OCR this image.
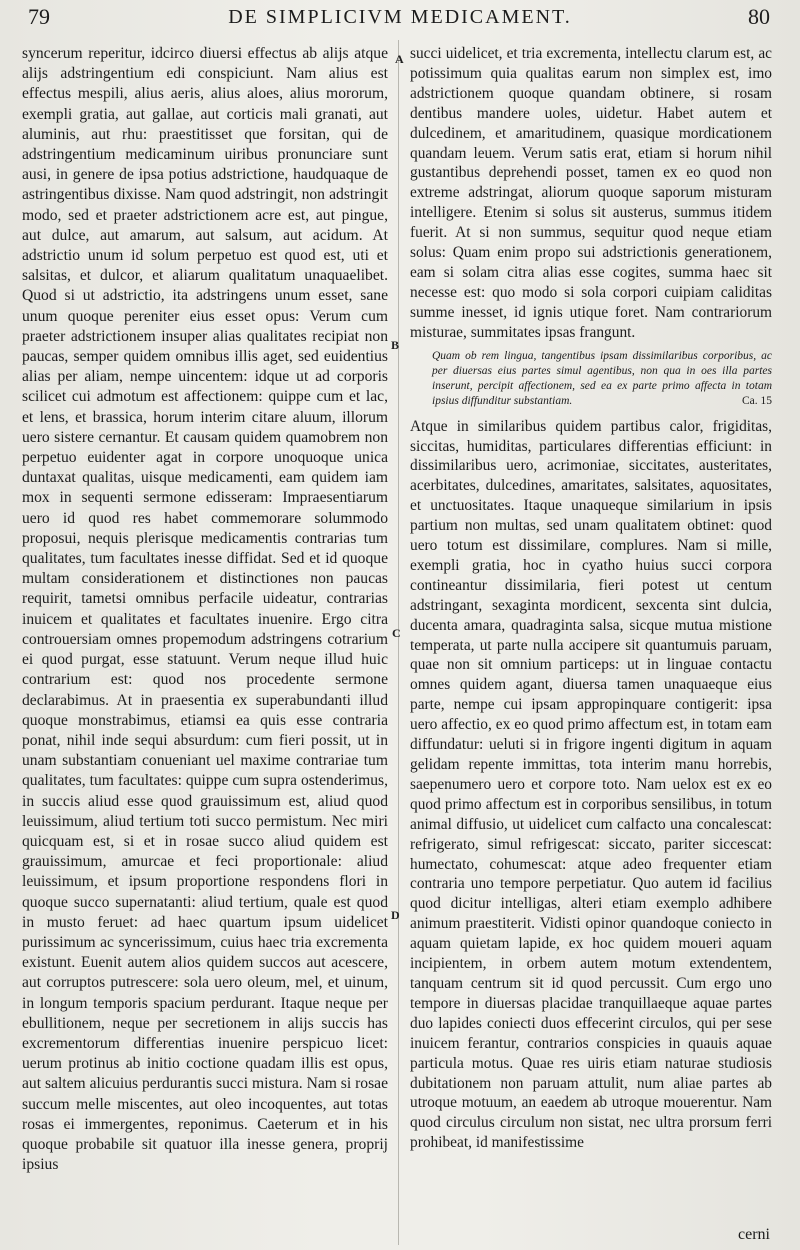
79	DE SIMPLICIVM MEDICAMENT.	80
A
B
C
D

syncerum reperitur, idcirco diuersi effectus ab alijs atque alijs adstringentium edi conspiciunt. Nam alius est effectus mespili, alius aeris, alius aloes, alius mororum, exempli gratia, aut gallae, aut corticis mali granati, aut aluminis, aut rhu: praestitisset que forsitan, qui de adstringentium medicaminum uiribus pronunciare sunt ausi, in genere de ipsa potius adstrictione, haudquaque de astringentibus dixisse. Nam quod adstringit, non adstringit modo, sed et praeter adstrictionem acre est, aut pingue, aut dulce, aut amarum, aut salsum, aut acidum. At adstrictio unum id solum perpetuo est quod est, uti et salsitas, et dulcor, et aliarum qualitatum unaquaelibet. Quod si ut adstrictio, ita adstringens unum esset, sane unum quoque pereniter eius esset opus: Verum cum praeter adstrictionem insuper alias qualitates recipiat non paucas, semper quidem omnibus illis aget, sed euidentius alias per aliam, nempe uincentem: idque ut ad corporis scilicet cui admotum est affectionem: quippe cum et lac, et lens, et brassica, horum interim citare aluum, illorum uero sistere cernantur. Et causam quidem quamobrem non perpetuo euidenter agat in corpore unoquoque unica duntaxat qualitas, uisque medicamenti, eam quidem iam mox in sequenti sermone edisseram: Impraesentiarum uero id quod res habet commemorare solummodo proposui, nequis plerisque medicamentis contrarias tum qualitates, tum facultates inesse diffidat. Sed et id quoque multam considerationem et distinctiones non paucas requirit, tametsi omnibus perfacile uideatur, contrarias inuicem et qualitates et facultates inuenire. Ergo citra controuersiam omnes propemodum adstringens cotrarium ei quod purgat, esse statuunt. Verum neque illud huic contrarium est: quod nos procedente sermone declarabimus. At in praesentia ex superabundanti illud quoque monstrabimus, etiamsi ea quis esse contraria ponat, nihil inde sequi absurdum: cum fieri possit, ut in unam substantiam conueniant uel maxime contrariae tum qualitates, tum facultates: quippe cum supra ostenderimus, in succis aliud esse quod grauissimum est, aliud quod leuissimum, aliud tertium toti succo permistum. Nec miri quicquam est, si et in rosae succo aliud quidem est grauissimum, amurcae et feci proportionale: aliud leuissimum, et ipsum proportione respondens flori in quoque succo supernatanti: aliud tertium, quale est quod in musto feruet: ad haec quartum ipsum uidelicet purissimum ac syncerissimum, cuius haec tria excrementa existunt. Euenit autem alios quidem succos aut acescere, aut corruptos putrescere: sola uero oleum, mel, et uinum, in longum temporis spacium perdurant. Itaque neque per ebullitionem, neque per secretionem in alijs succis has excrementorum differentias inuenire perspicuo licet: uerum protinus ab initio coctione quadam illis est opus, aut saltem alicuius perdurantis succi mistura. Nam si rosae succum melle miscentes, aut oleo incoquentes, aut totas rosas ei immergentes, reponimus. Caeterum et in his quoque probabile sit quatuor illa inesse genera, proprij ipsius

succi uidelicet, et tria excrementa, intellectu clarum est, ac potissimum quia qualitas earum non simplex est, imo adstrictionem quoque quandam obtinere, si rosam dentibus mandere uoles, uidetur. Habet autem et dulcedinem, et amaritudinem, quasique mordicationem quandam leuem. Verum satis erat, etiam si horum nihil gustantibus deprehendi posset, tamen ex eo quod non extreme adstringat, aliorum quoque saporum misturam intelligere. Etenim si solus sit austerus, summus itidem fuerit. At si non summus, sequitur quod neque etiam solus: Quam enim propo sui adstrictionis generationem, eam si solam citra alias esse cogites, summa haec sit necesse est: quo modo si sola corpori cuipiam caliditas summe inesset, id ignis utique foret. Nam contrariorum misturae, summitates ipsas frangunt.

Quam ob rem lingua, tangentibus ipsam dissimilaribus corporibus, ac per diuersas eius partes simul agentibus, non qua in oes illa partes inserunt, percipit affectionem, sed ea ex parte primo affecta in totam ipsius diffunditur substantiam.	Ca. 15

Atque in similaribus quidem partibus calor, frigiditas, siccitas, humiditas, particulares differentias efficiunt: in dissimilaribus uero, acrimoniae, siccitates, austeritates, acerbitates, dulcedines, amaritates, salsitates, aquositates, et unctuositates. Itaque unaqueque similarium in ipsis partium non multas, sed unam qualitatem obtinet: quod uero totum est dissimilare, complures. Nam si mille, exempli gratia, hoc in cyatho huius succi corpora contineantur dissimilaria, fieri potest ut centum adstringant, sexaginta mordicent, sexcenta sint dulcia, ducenta amara, quadraginta salsa, sicque mutua mistione temperata, ut parte nulla accipere sit quantumuis paruam, quae non sit omnium particeps: ut in linguae contactu omnes quidem agant, diuersa tamen unaquaeque eius parte, nempe cui ipsam appropinquare contigerit: ipsa uero affectio, ex eo quod primo affectum est, in totam eam diffundatur: ueluti si in frigore ingenti digitum in aquam gelidam repente immittas, tota interim manu horrebis, saepenumero uero et corpore toto. Nam uelox est ex eo quod primo affectum est in corporibus sensilibus, in totum animal diffusio, ut uidelicet cum calfacto una concalescat: refrigerato, simul refrigescat: siccato, pariter siccescat: humectato, cohumescat: atque adeo frequenter etiam contraria uno tempore perpetiatur. Quo autem id facilius quod dicitur intelligas, alteri etiam exemplo adhibere animum praestiterit. Vidisti opinor quandoque coniecto in aquam quietam lapide, ex hoc quidem moueri aquam incipientem, in orbem autem motum extendentem, tanquam centrum sit id quod percussit. Cum ergo uno tempore in diuersas placidae tranquillaeque aquae partes duo lapides coniecti duos effecerint circulos, qui per sese inuicem ferantur, contrarios conspicies in quauis aquae particula motus. Quae res uiris etiam naturae studiosis dubitationem non paruam attulit, num aliae partes ab utroque motuum, an eaedem ab utroque mouerentur. Nam quod circulus circulum non sistat, nec ultra prorsum ferri prohibeat, id manifestissime

cerni
